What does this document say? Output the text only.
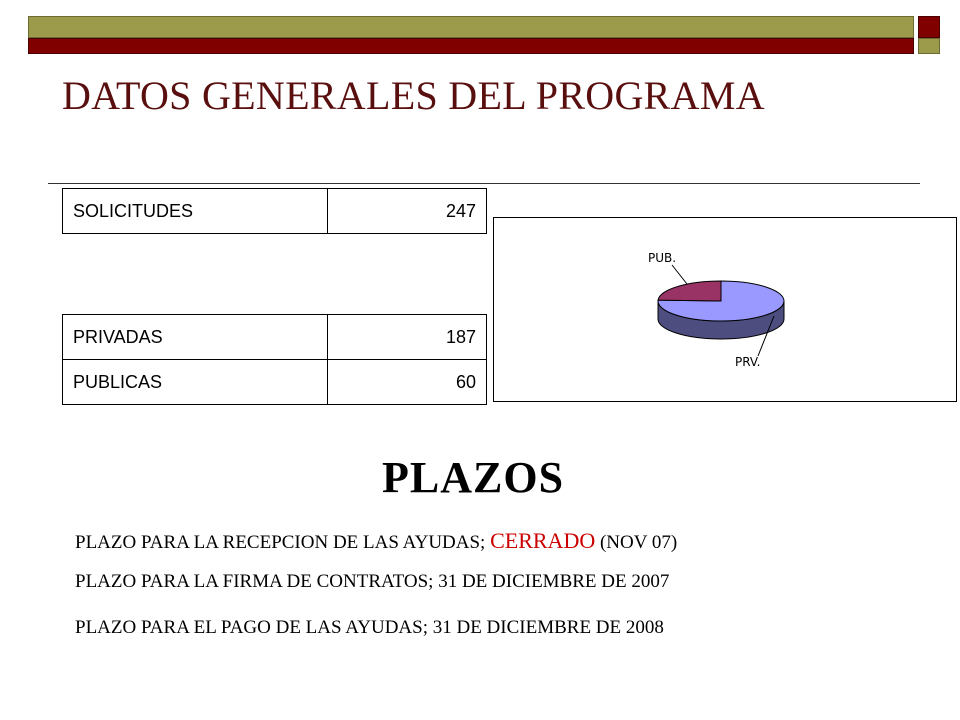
DATOS GENERALES DEL PROGRAMA
SOLICITUDES	247
PRIVADAS	187
PUBLICAS	60
PRV.
PUB.
PLAZOS

PLAZO PARA LA RECEPCION DE LAS AYUDAS; CERRADO (NOV 07)

PLAZO PARA LA FIRMA DE CONTRATOS; 31 DE DICIEMBRE DE 2007

PLAZO PARA EL PAGO DE LAS AYUDAS; 31 DE DICIEMBRE DE 2008
